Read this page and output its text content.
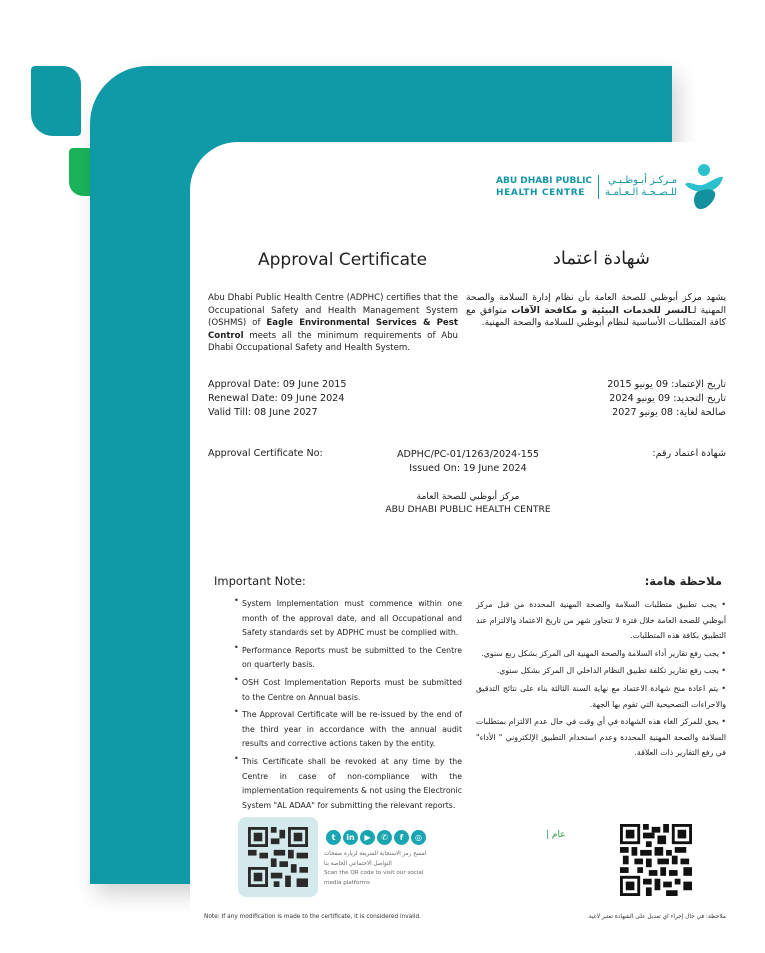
ABU DHABI PUBLIC
HEALTH CENTRE
مـركـز أبـوظـبـي
للـصـحـة الـعـامـة
Approval Certificate	شهادة اعتماد
Abu Dhabi Public Health Centre (ADPHC) certifies that the Occupational Safety and Health Management System (OSHMS) of Eagle Environmental Services & Pest Control meets all the minimum requirements of Abu Dhabi Occupational Safety and Health System.
يشهد مركز أبوظبي للصحة العامة بأن نظام إدارة السلامة والصحة المهنية لـالنسر للخدمات البيئية و مكافحة الآفات متوافق مع كافة المتطلبات الأساسية لنظام أبوظبي للسلامة والصحة المهنية.
Approval Date: 09 June 2015
Renewal Date: 09 June 2024
Valid Till: 08 June 2027
تاريخ الإعتماد: 09 يونيو 2015
تاريخ التجديد: 09 يونيو 2024
صالحة لغاية: 08 يونيو 2027
Approval Certificate No:	ADPHC/PC-01/1263/2024-155
Issued On: 19 June 2024
شهادة اعتماد رقم:
مركز أبوظبي للصحة العامة
ABU DHABI PUBLIC HEALTH CENTRE
Important Note:	ملاحظة هامة:
• System Implementation must commence within one month of the approval date, and all Occupational and Safety standards set by ADPHC must be complied with.
• Performance Reports must be submitted to the Centre on quarterly basis.
• OSH Cost Implementation Reports must be submitted to the Centre on Annual basis.
• The Approval Certificate will be re-issued by the end of the third year in accordance with the annual audit results and corrective actions taken by the entity.
• This Certificate shall be revoked at any time by the Centre in case of non-compliance with the implementation requirements & not using the Electronic System "AL ADAA" for submitting the relevant reports.
• يجب تطبيق متطلبات السلامة والصحة المهنية المحددة من قبل مركز أبوظبي للصحة العامة خلال فترة لا تتجاوز شهر من تاريخ الاعتماد والالتزام عند التطبيق بكافة هذه المتطلبات.
• يجب رفع تقارير أداء السلامة والصحة المهنية الى المركز بشكل ربع سنوي.
• يجب رفع تقارير تكلفة تطبيق النظام الداخلي ال المركز بشكل سنوي.
• يتم اعادة منح شهادة الاعتماد مع نهاية السنة الثالثة بناء على نتائج التدقيق والاجراءات التصحيحية التي تقوم بها الجهة.
• يحق للمركز الغاء هذه الشهادة في أي وقت في حال عدم الالتزام بمتطلبات السلامة والصحة المهنية المحددة وعدم استخدام التطبيق الإلكتروني " الأداء" في رفع التقارير ذات العلاقة.
t	in	▶	✆	f	◎
امسح رمز الاستجابة السريعة لزيارة صفحات التواصل الاجتماعي الخاصة بنا
Scan the QR code to visit our social media platforms
عام |
Note: If any modification is made to the certificate, it is considered invalid.	ملاحظة: في حال إجراء اي تعديل على الشهادة تعتبر لاغية.
